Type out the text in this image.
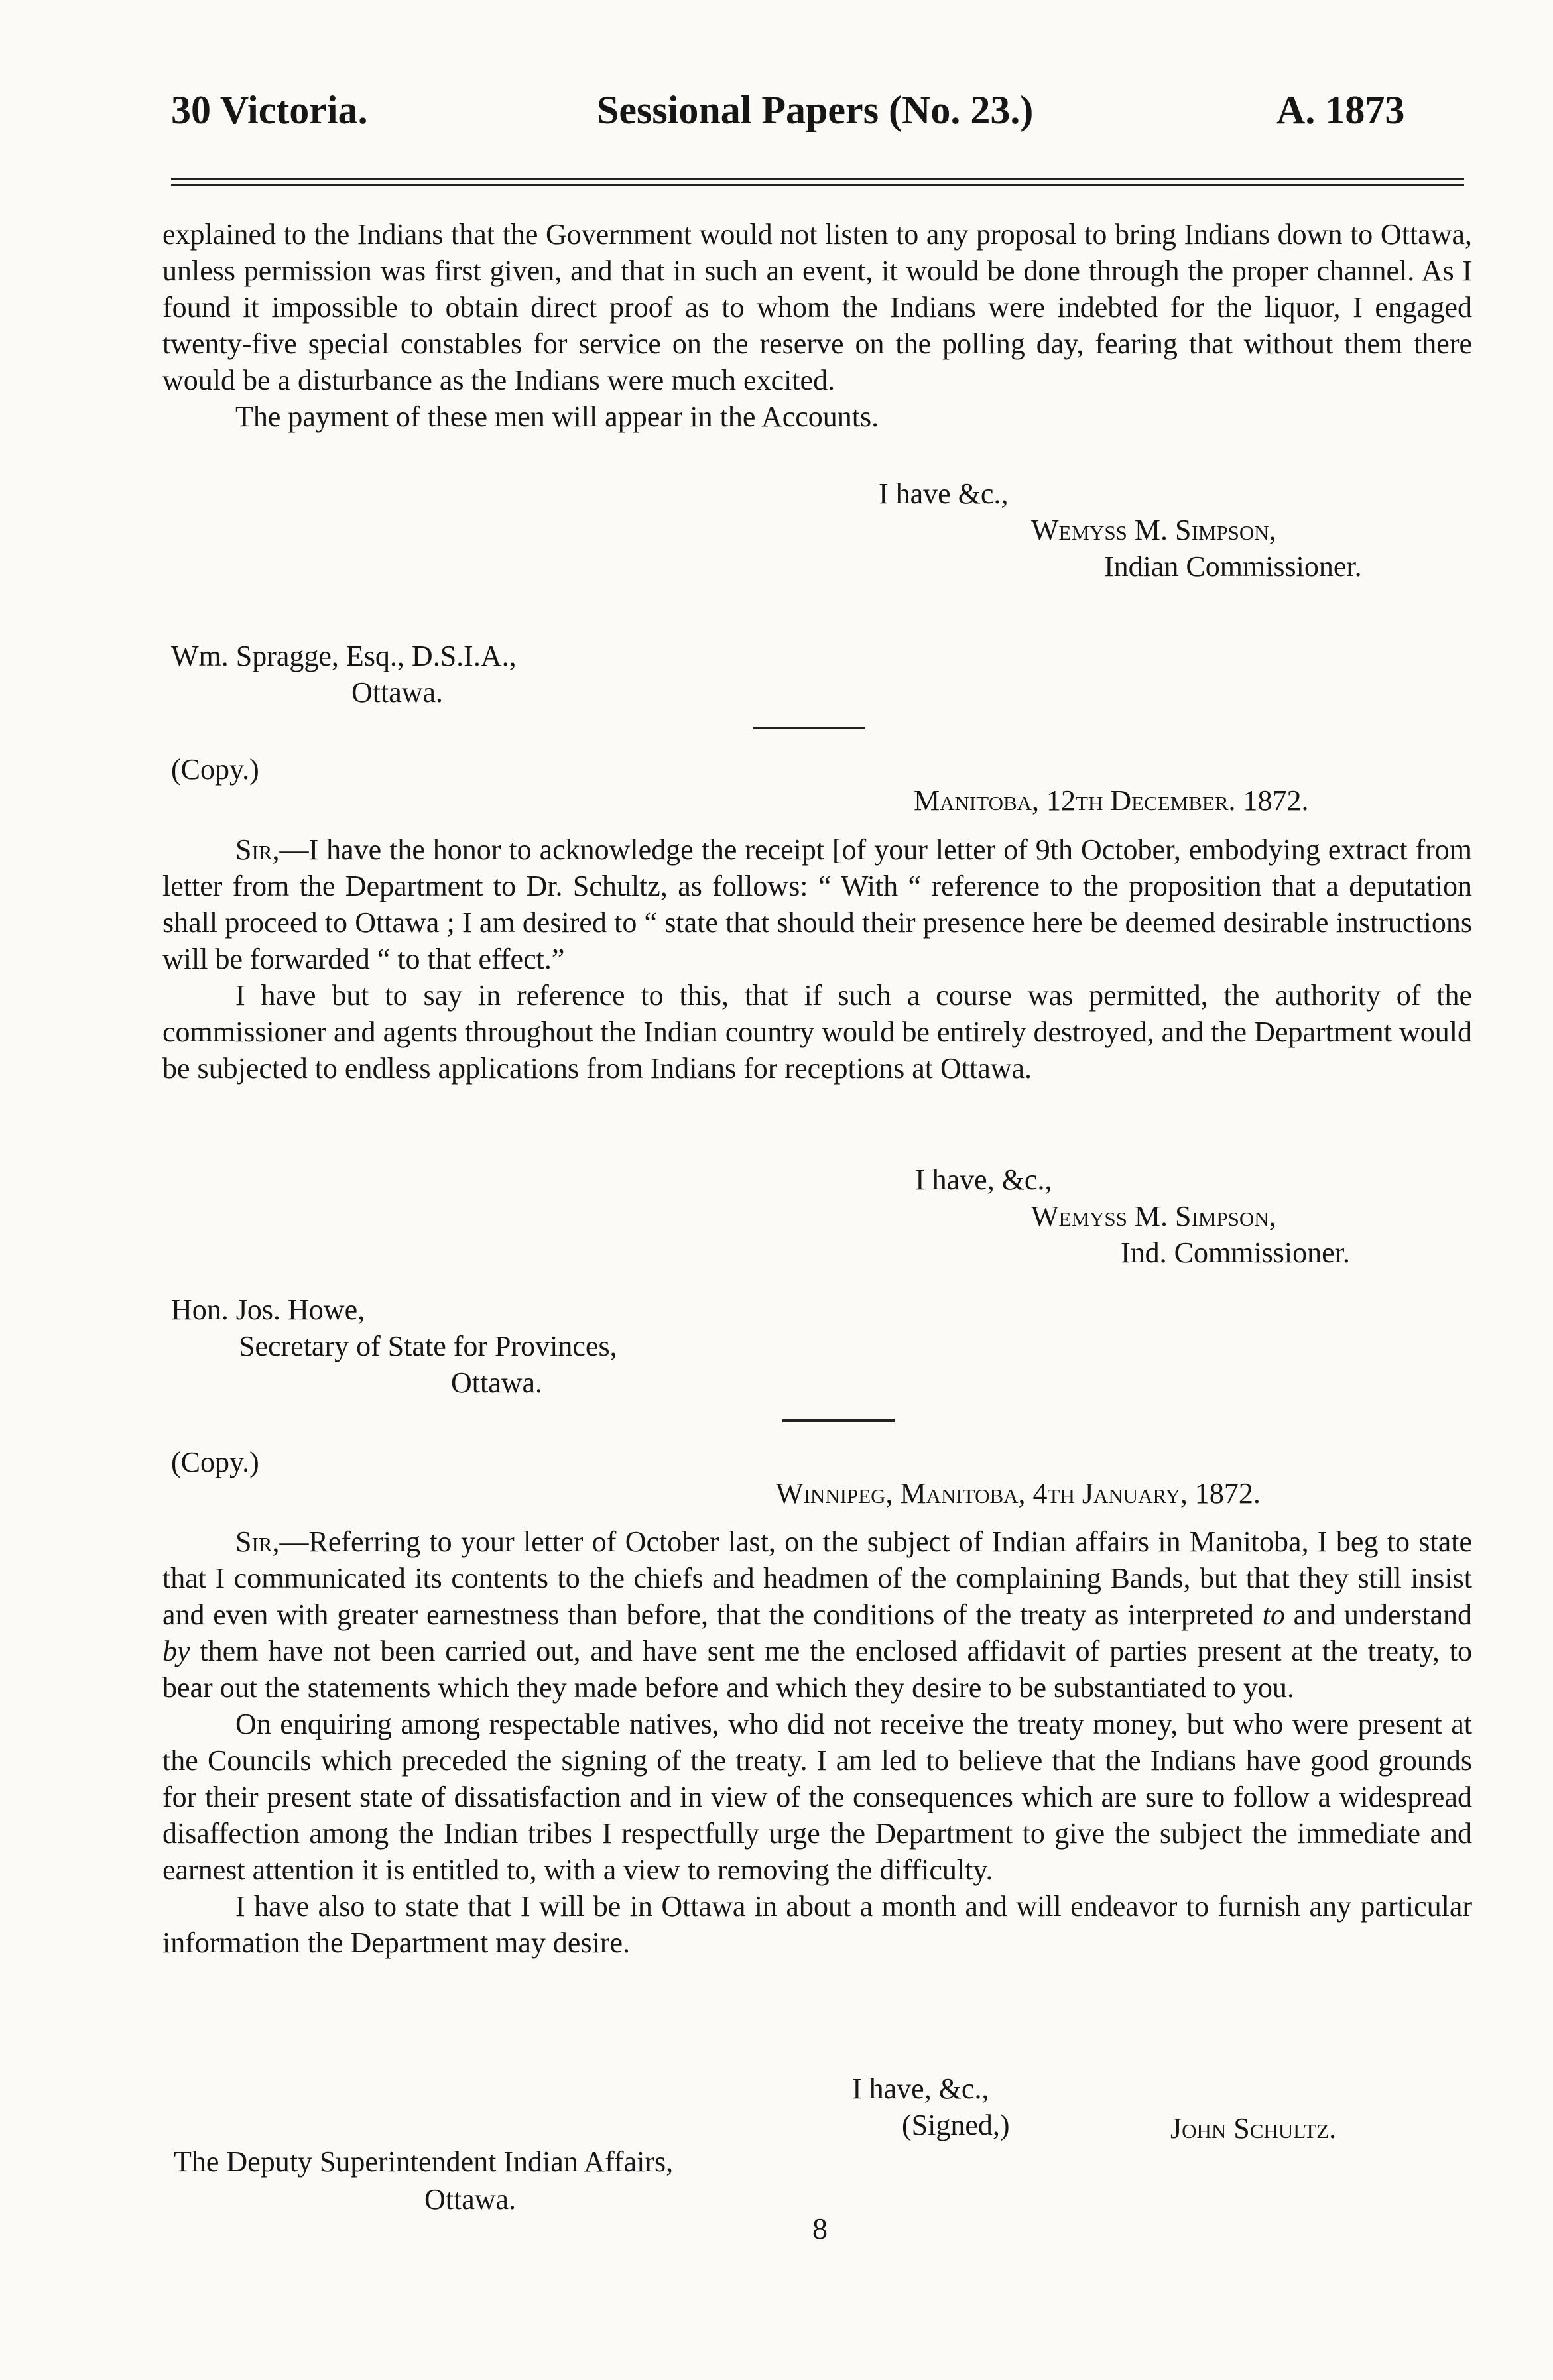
30 Victoria.	Sessional Papers (No. 23.)	A. 1873

explained to the Indians that the Government would not listen to any proposal to bring Indians down to Ottawa, unless permission was first given, and that in such an event, it would be done through the proper channel. As I found it impossible to obtain direct proof as to whom the Indians were indebted for the liquor, I engaged twenty-five special constables for service on the reserve on the polling day, fearing that without them there would be a disturbance as the Indians were much excited.

The payment of these men will appear in the Accounts.

I have &c.,
Wemyss M. Simpson,
Indian Commissioner.
Wm. Spragge, Esq., D.S.I.A.,
Ottawa.
(Copy.)
Manitoba, 12th December. 1872.

Sir,—I have the honor to acknowledge the receipt [of your letter of 9th October, embodying extract from letter from the Department to Dr. Schultz, as follows: “ With “ reference to the proposition that a deputation shall proceed to Ottawa ; I am desired to “ state that should their presence here be deemed desirable instructions will be forwarded “ to that effect.”

I have but to say in reference to this, that if such a course was permitted, the authority of the commissioner and agents throughout the Indian country would be entirely destroyed, and the Department would be subjected to endless applications from Indians for receptions at Ottawa.

I have, &c.,
Wemyss M. Simpson,
Ind. Commissioner.
Hon. Jos. Howe,
Secretary of State for Provinces,
Ottawa.
(Copy.)
Winnipeg, Manitoba, 4th January, 1872.

Sir,—Referring to your letter of October last, on the subject of Indian affairs in Manitoba, I beg to state that I communicated its contents to the chiefs and headmen of the complaining Bands, but that they still insist and even with greater earnestness than before, that the conditions of the treaty as interpreted to and understand by them have not been carried out, and have sent me the enclosed affidavit of parties present at the treaty, to bear out the statements which they made before and which they desire to be substantiated to you.

On enquiring among respectable natives, who did not receive the treaty money, but who were present at the Councils which preceded the signing of the treaty. I am led to believe that the Indians have good grounds for their present state of dissatisfaction and in view of the consequences which are sure to follow a widespread disaffection among the Indian tribes I respectfully urge the Department to give the subject the immediate and earnest attention it is entitled to, with a view to removing the difficulty.

I have also to state that I will be in Ottawa in about a month and will endeavor to furnish any particular information the Department may desire.

I have, &c.,
(Signed,)	John Schultz.
The Deputy Superintendent Indian Affairs,
Ottawa.
8
